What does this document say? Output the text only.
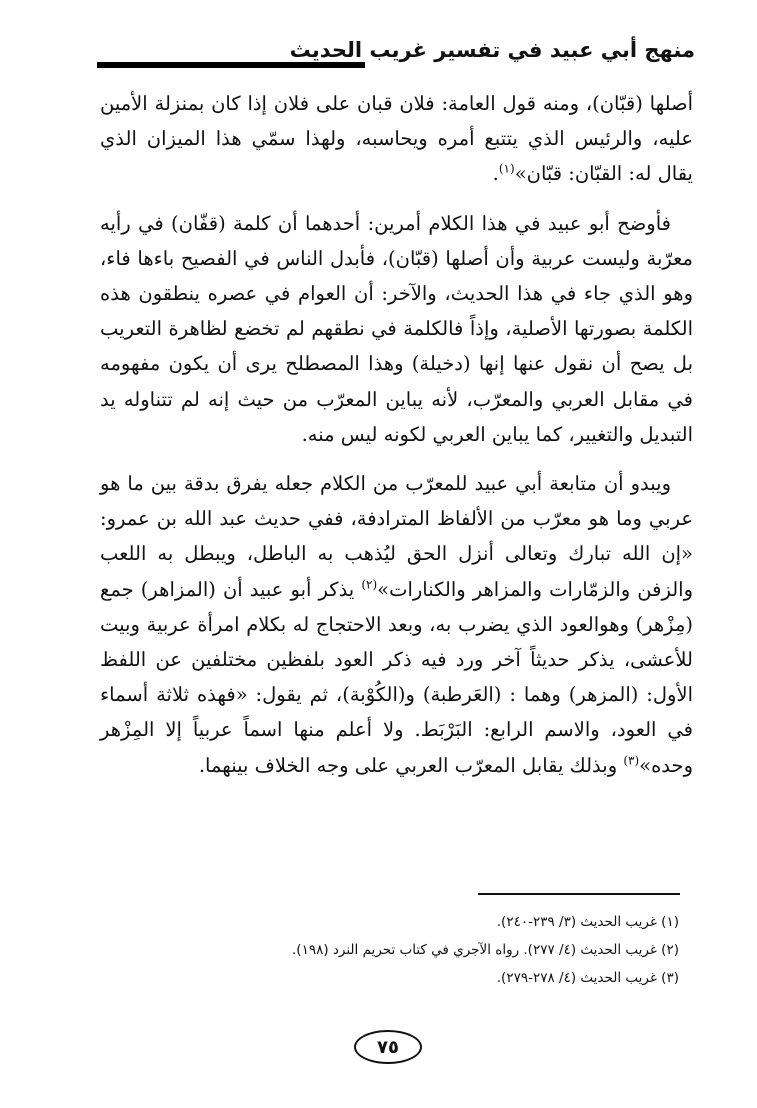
منهج أبي عبيد في تفسير غريب الحديث

أصلها (قبّان)، ومنه قول العامة: فلان قبان على فلان إذا كان بمنزلة الأمين عليه، والرئيس الذي يتتبع أمره ويحاسبه، ولهذا سمّي هذا الميزان الذي يقال له: القبّان: قبّان»$^{(١)}$.

فأوضح أبو عبيد في هذا الكلام أمرين: أحدهما أن كلمة (قفّان) في رأيه معرّبة وليست عربية وأن أصلها (قبّان)، فأبدل الناس في الفصيح باءها فاء، وهو الذي جاء في هذا الحديث، والآخر: أن العوام في عصره ينطقون هذه الكلمة بصورتها الأصلية، وإذاً فالكلمة في نطقهم لم تخضع لظاهرة التعريب بل يصح أن نقول عنها إنها (دخيلة) وهذا المصطلح يرى أن يكون مفهومه في مقابل العربي والمعرّب، لأنه يباين المعرّب من حيث إنه لم تتناوله يد التبديل والتغيير، كما يباين العربي لكونه ليس منه.

ويبدو أن متابعة أبي عبيد للمعرّب من الكلام جعله يفرق بدقة بين ما هو عربي وما هو معرّب من الألفاظ المترادفة، ففي حديث عبد الله بن عمرو: «إن الله تبارك وتعالى أنزل الحق ليُذهب به الباطل، ويبطل به اللعب والزفن والزمّارات والمزاهر والكنارات»$^{(٢)}$ يذكر أبو عبيد أن (المزاهر) جمع (مِزْهر) وهوالعود الذي يضرب به، وبعد الاحتجاج له بكلام امرأة عربية وبيت للأعشى، يذكر حديثاً آخر ورد فيه ذكر العود بلفظين مختلفين عن اللفظ الأول: (المزهر) وهما : (العَرطبة) و(الكُوْبة)، ثم يقول: «فهذه ثلاثة أسماء في العود، والاسم الرابع: البَرْبَط. ولا أعلم منها اسماً عربياً إلا المِزْهر وحده»$^{(٣)}$ وبذلك يقابل المعرّب العربي على وجه الخلاف بينهما.

(١) غريب الحديث (٣/ ٢٣٩-٢٤٠).
(٢) غريب الحديث (٤/ ٢٧٧). رواه الآجري في كتاب تحريم النرد (١٩٨).
(٣) غريب الحديث (٤/ ٢٧٨-٢٧٩).
٧٥
